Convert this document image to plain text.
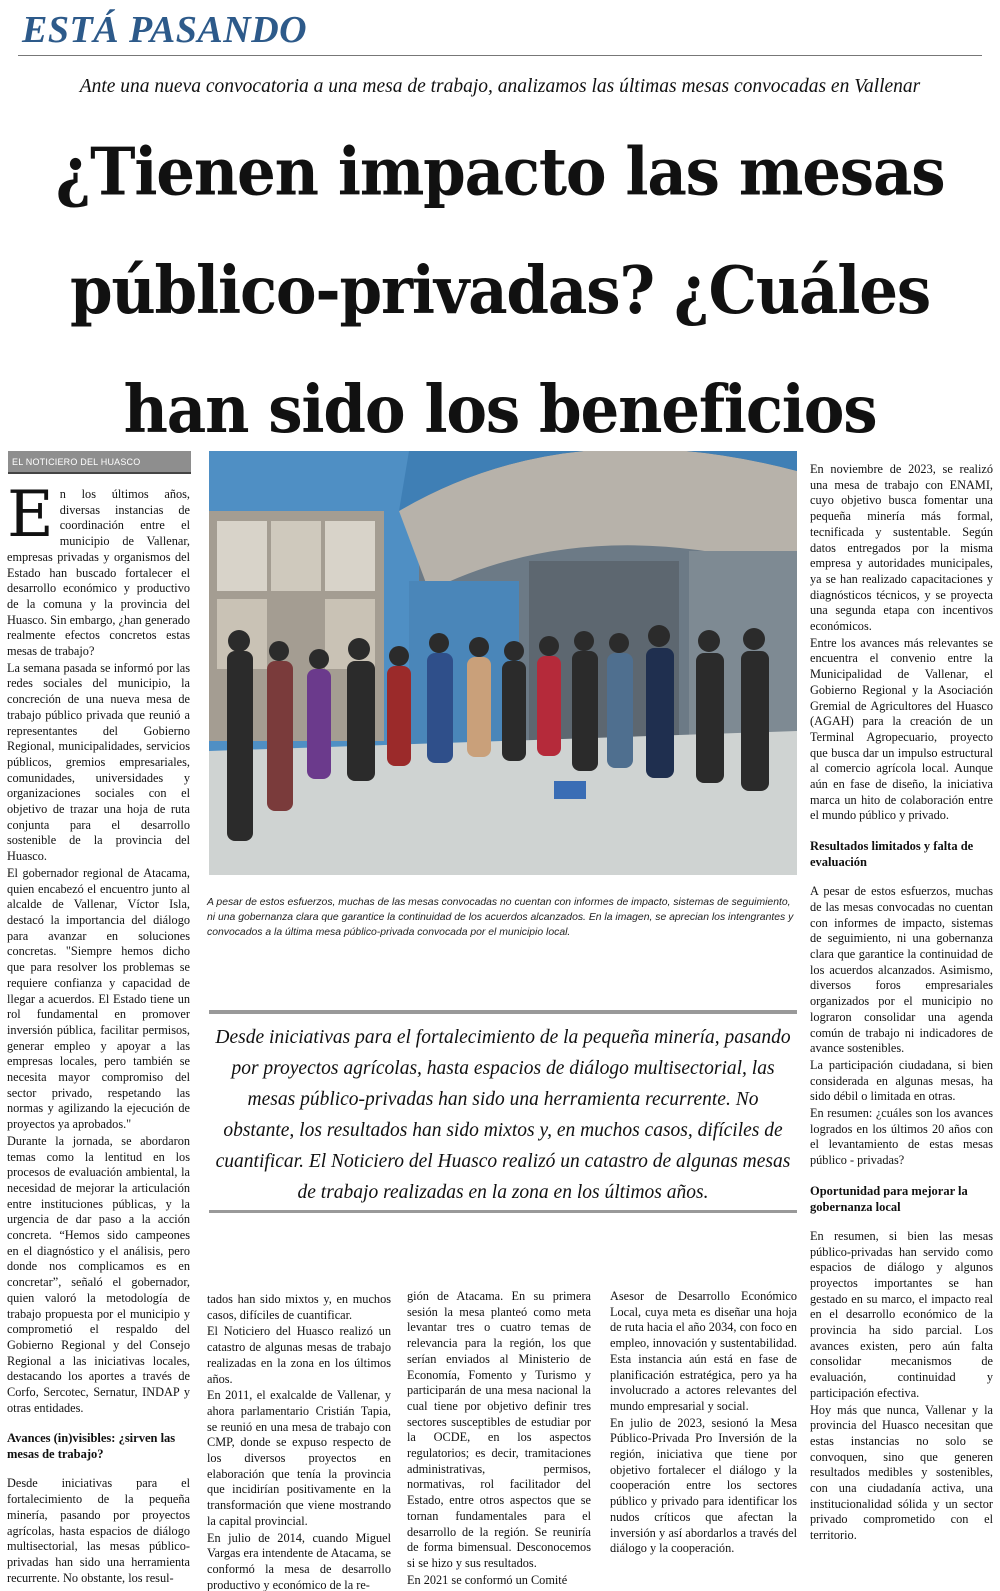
ESTÁ PASANDO
Ante una nueva convocatoria a una mesa de trabajo, analizamos las últimas mesas convocadas en Vallenar
¿Tienen impacto las mesas público-privadas? ¿Cuáles han sido los beneficios
EL NOTICIERO DEL HUASCO

En los últimos años, diversas instancias de coordinación entre el municipio de Vallenar, empresas privadas y organismos del Estado han buscado fortalecer el desarrollo económico y productivo de la comuna y la provincia del Huasco. Sin embargo, ¿han generado realmente efectos concretos estas mesas de trabajo?

La semana pasada se informó por las redes sociales del municipio, la concreción de una nueva mesa de trabajo público privada que reunió a representantes del Gobierno Regional, municipalidades, servicios públicos, gremios empresariales, comunidades, universidades y organizaciones sociales con el objetivo de trazar una hoja de ruta conjunta para el desarrollo sostenible de la provincia del Huasco.

El gobernador regional de Atacama, quien encabezó el encuentro junto al alcalde de Vallenar, Víctor Isla, destacó la importancia del diálogo para avanzar en soluciones concretas. "Siempre hemos dicho que para resolver los problemas se requiere confianza y capacidad de llegar a acuerdos. El Estado tiene un rol fundamental en promover inversión pública, facilitar permisos, generar empleo y apoyar a las empresas locales, pero también se necesita mayor compromiso del sector privado, respetando las normas y agilizando la ejecución de proyectos ya aprobados."

Durante la jornada, se abordaron temas como la lentitud en los procesos de evaluación ambiental, la necesidad de mejorar la articulación entre instituciones públicas, y la urgencia de dar paso a la acción concreta. “Hemos sido campeones en el diagnóstico y el análisis, pero donde nos complicamos es en concretar”, señaló el gobernador, quien valoró la metodología de trabajo propuesta por el municipio y comprometió el respaldo del Gobierno Regional y del Consejo Regional a las iniciativas locales, destacando los aportes a través de Corfo, Sercotec, Sernatur, INDAP y otras entidades.

Avances (in)visibles: ¿sirven las mesas de trabajo?

Desde iniciativas para el fortalecimiento de la pequeña minería, pasando por proyectos agrícolas, hasta espacios de diálogo multisectorial, las mesas público-privadas han sido una herramienta recurrente. No obstante, los resul-

A pesar de estos esfuerzos, muchas de las mesas convocadas no cuentan con informes de impacto, sistemas de seguimiento, ni una gobernanza clara que garantice la continuidad de los acuerdos alcanzados. En la imagen, se aprecian los intengrantes y convocados a la última mesa público-privada convocada por el municipio local.
Desde iniciativas para el fortalecimiento de la pequeña minería, pasando por proyectos agrícolas, hasta espacios de diálogo multisectorial, las mesas público-privadas han sido una herramienta recurrente. No obstante, los resultados han sido mixtos y, en muchos casos, difíciles de cuantificar. El Noticiero del Huasco realizó un catastro de algunas mesas de trabajo realizadas en la zona en los últimos años.

tados han sido mixtos y, en muchos casos, difíciles de cuantificar.

El Noticiero del Huasco realizó un catastro de algunas mesas de trabajo realizadas en la zona en los últimos años.

En 2011, el exalcalde de Vallenar, y ahora parlamentario Cristián Tapia, se reunió en una mesa de trabajo con CMP, donde se expuso respecto de los diversos proyectos en elaboración que tenía la provincia que incidirían positivamente en la transformación que viene mostrando la capital provincial.

En julio de 2014, cuando Miguel Vargas era intendente de Atacama, se conformó la mesa de desarrollo productivo y económico de la re-

gión de Atacama. En su primera sesión la mesa planteó como meta levantar tres o cuatro temas de relevancia para la región, los que serían enviados al Ministerio de Economía, Fomento y Turismo y participarán de una mesa nacional la cual tiene por objetivo definir tres sectores susceptibles de estudiar por la OCDE, en los aspectos regulatorios; es decir, tramitaciones administrativas, permisos, normativas, rol facilitador del Estado, entre otros aspectos que se tornan fundamentales para el desarrollo de la región. Se reuniría de forma bimensual. Desconocemos si se hizo y sus resultados.

En 2021 se conformó un Comité

Asesor de Desarrollo Económico Local, cuya meta es diseñar una hoja de ruta hacia el año 2034, con foco en empleo, innovación y sustentabilidad. Esta instancia aún está en fase de planificación estratégica, pero ya ha involucrado a actores relevantes del mundo empresarial y social.

En julio de 2023, sesionó la Mesa Público-Privada Pro Inversión de la región, iniciativa que tiene por objetivo fortalecer el diálogo y la cooperación entre los sectores público y privado para identificar los nudos críticos que afectan la inversión y así abordarlos a través del diálogo y la cooperación.

En noviembre de 2023, se realizó una mesa de trabajo con ENAMI, cuyo objetivo busca fomentar una pequeña minería más formal, tecnificada y sustentable. Según datos entregados por la misma empresa y autoridades municipales, ya se han realizado capacitaciones y diagnósticos técnicos, y se proyecta una segunda etapa con incentivos económicos.

Entre los avances más relevantes se encuentra el convenio entre la Municipalidad de Vallenar, el Gobierno Regional y la Asociación Gremial de Agricultores del Huasco (AGAH) para la creación de un Terminal Agropecuario, proyecto que busca dar un impulso estructural al comercio agrícola local. Aunque aún en fase de diseño, la iniciativa marca un hito de colaboración entre el mundo público y privado.

Resultados limitados y falta de evaluación

A pesar de estos esfuerzos, muchas de las mesas convocadas no cuentan con informes de impacto, sistemas de seguimiento, ni una gobernanza clara que garantice la continuidad de los acuerdos alcanzados. Asimismo, diversos foros empresariales organizados por el municipio no lograron consolidar una agenda común de trabajo ni indicadores de avance sostenibles.

La participación ciudadana, si bien considerada en algunas mesas, ha sido débil o limitada en otras.

En resumen: ¿cuáles son los avances logrados en los últimos 20 años con el levantamiento de estas mesas público - privadas?

Oportunidad para mejorar la gobernanza local

En resumen, si bien las mesas público-privadas han servido como espacios de diálogo y algunos proyectos importantes se han gestado en su marco, el impacto real en el desarrollo económico de la provincia ha sido parcial. Los avances existen, pero aún falta consolidar mecanismos de evaluación, continuidad y participación efectiva.

Hoy más que nunca, Vallenar y la provincia del Huasco necesitan que estas instancias no solo se convoquen, sino que generen resultados medibles y sostenibles, con una ciudadanía activa, una institucionalidad sólida y un sector privado comprometido con el territorio.
